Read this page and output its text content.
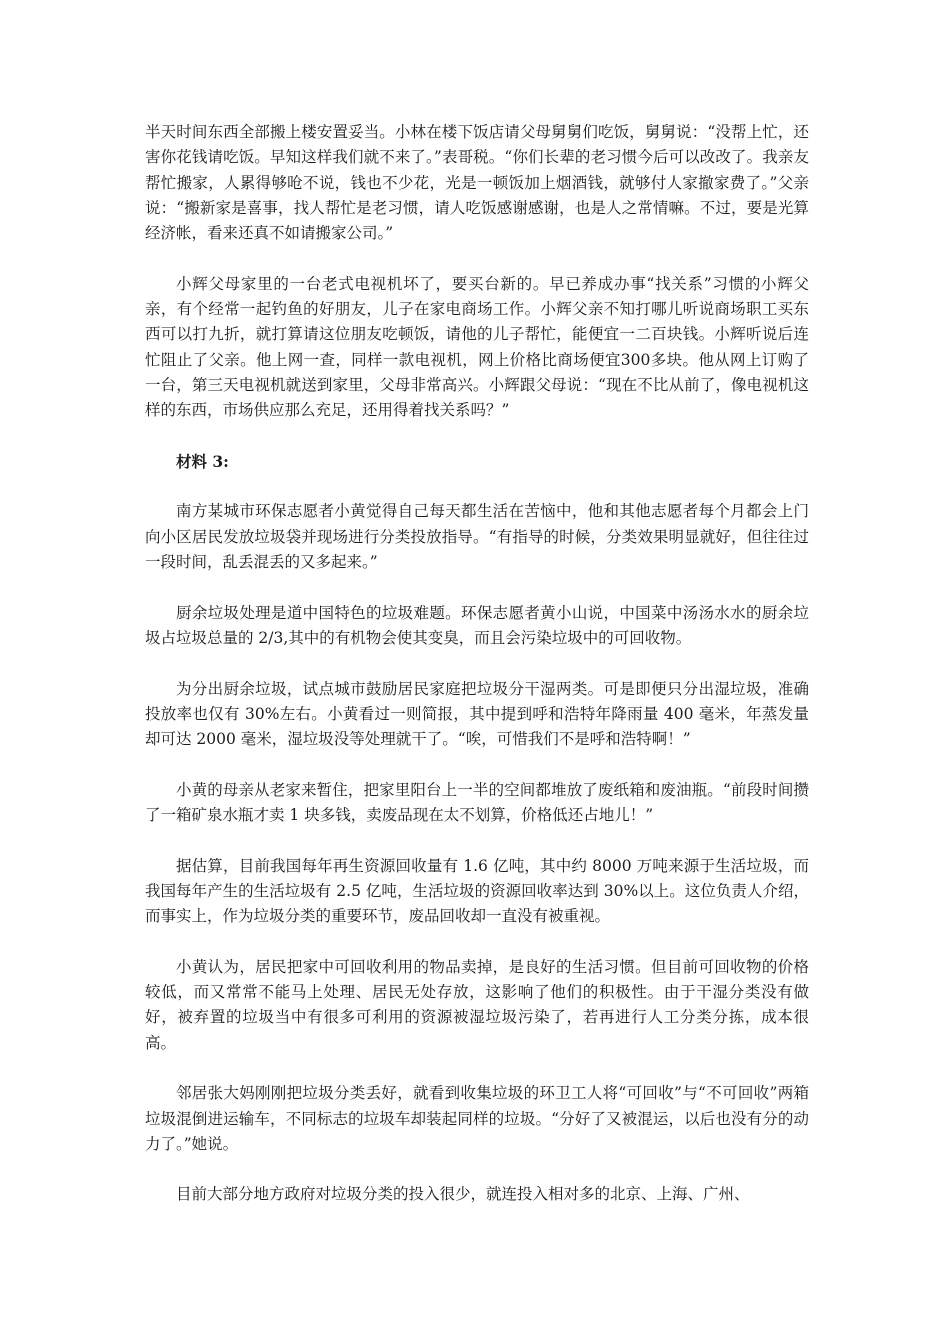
半天时间东西全部搬上楼安置妥当。小林在楼下饭店请父母舅舅们吃饭，舅舅说：“没帮上忙，还害你花钱请吃饭。早知这样我们就不来了。”表哥税。“你们长辈的老习惯今后可以改改了。我亲友帮忙搬家，人累得够呛不说，钱也不少花，光是一顿饭加上烟酒钱，就够付人家撤家费了。”父亲说：“搬新家是喜事，找人帮忙是老习惯，请人吃饭感谢感谢，也是人之常情嘛。不过，要是光算经济帐，看来还真不如请搬家公司。”

小辉父母家里的一台老式电视机坏了，要买台新的。早已养成办事“找关系”习惯的小辉父亲，有个经常一起钓鱼的好朋友，儿子在家电商场工作。小辉父亲不知打哪儿听说商场职工买东西可以打九折，就打算请这位朋友吃顿饭，请他的儿子帮忙，能便宜一二百块钱。小辉听说后连忙阻止了父亲。他上网一查，同样一款电视机，网上价格比商场便宜300多块。他从网上订购了一台，第三天电视机就送到家里，父母非常高兴。小辉跟父母说：“现在不比从前了，像电视机这样的东西，市场供应那么充足，还用得着找关系吗？”

材料 3:

南方某城市环保志愿者小黄觉得自己每天都生活在苦恼中，他和其他志愿者每个月都会上门向小区居民发放垃圾袋并现场进行分类投放指导。“有指导的时候，分类效果明显就好，但往往过一段时间，乱丢混丢的又多起来。”

厨余垃圾处理是道中国特色的垃圾难题。环保志愿者黄小山说，中国菜中汤汤水水的厨余垃圾占垃圾总量的 2/3,其中的有机物会使其变臭，而且会污染垃圾中的可回收物。

为分出厨余垃圾，试点城市鼓励居民家庭把垃圾分干湿两类。可是即便只分出湿垃圾，准确投放率也仅有 30%左右。小黄看过一则简报，其中提到呼和浩特年降雨量 400 毫米，年蒸发量却可达 2000 毫米，湿垃圾没等处理就干了。“唉，可惜我们不是呼和浩特啊！”

小黄的母亲从老家来暂住，把家里阳台上一半的空间都堆放了废纸箱和废油瓶。“前段时间攒了一箱矿泉水瓶才卖 1 块多钱，卖废品现在太不划算，价格低还占地儿！”

据估算，目前我国每年再生资源回收量有 1.6 亿吨，其中约 8000 万吨来源于生活垃圾，而我国每年产生的生活垃圾有 2.5 亿吨，生活垃圾的资源回收率达到 30%以上。这位负责人介绍，而事实上，作为垃圾分类的重要环节，废品回收却一直没有被重视。

小黄认为，居民把家中可回收利用的物品卖掉，是良好的生活习惯。但目前可回收物的价格较低，而又常常不能马上处理、居民无处存放，这影响了他们的积极性。由于干湿分类没有做好，被弃置的垃圾当中有很多可利用的资源被湿垃圾污染了，若再进行人工分类分拣，成本很高。

邻居张大妈刚刚把垃圾分类丢好，就看到收集垃圾的环卫工人将“可回收”与“不可回收”两箱垃圾混倒进运输车，不同标志的垃圾车却装起同样的垃圾。“分好了又被混运，以后也没有分的动力了。”她说。

目前大部分地方政府对垃圾分类的投入很少，就连投入相对多的北京、上海、广州、
